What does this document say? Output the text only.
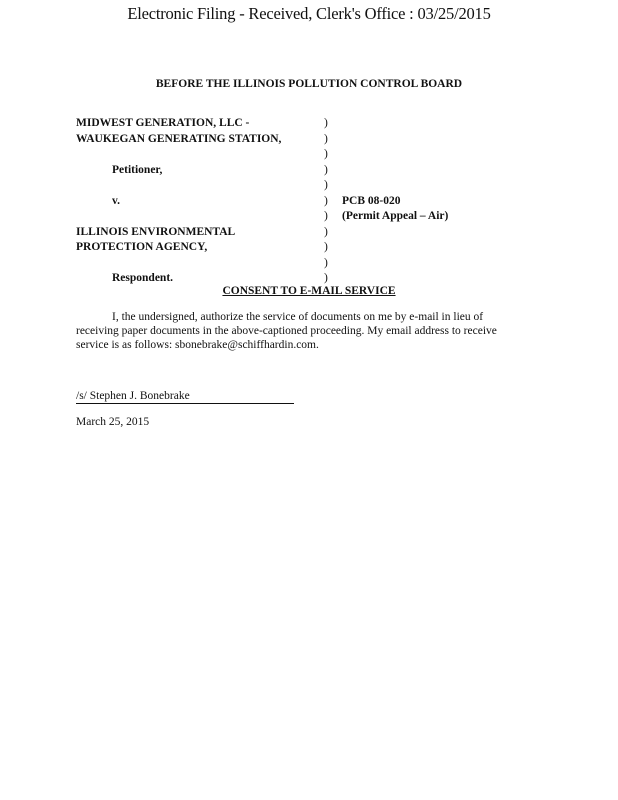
Electronic Filing - Received, Clerk's Office : 03/25/2015
BEFORE THE ILLINOIS POLLUTION CONTROL BOARD
MIDWEST GENERATION, LLC -
WAUKEGAN GENERATING STATION,
Petitioner,
v.
ILLINOIS ENVIRONMENTAL
PROTECTION AGENCY,
Respondent.
)
)
)
)
)
)
)
)
)
)
)
PCB 08-020
(Permit Appeal – Air)
CONSENT TO E-MAIL SERVICE
I, the undersigned, authorize the service of documents on me by e-mail in lieu of receiving paper documents in the above-captioned proceeding. My email address to receive service is as follows: sbonebrake@schiffhardin.com.
/s/ Stephen J. Bonebrake
March 25, 2015
